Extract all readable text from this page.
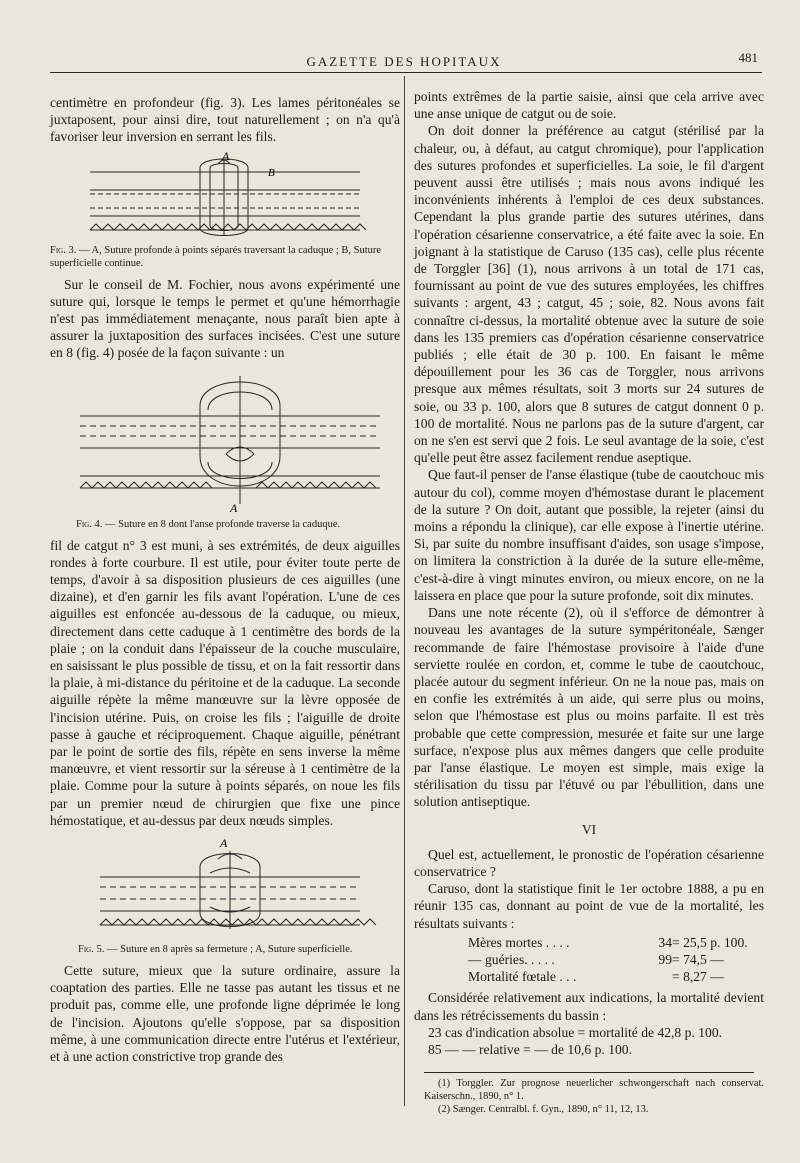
GAZETTE DES HOPITAUX	481

centimètre en profondeur (fig. 3). Les lames péritonéales se juxtaposent, pour ainsi dire, tout naturellement ; on n'a qu'à favoriser leur inversion en serrant les fils.

A
B
Fig. 3. — A, Suture profonde à points séparés traversant la caduque ; B, Suture superficielle continue.

Sur le conseil de M. Fochier, nous avons expérimenté une suture qui, lorsque le temps le permet et qu'une hémorrhagie n'est pas immédiatement menaçante, nous paraît bien apte à assurer la juxtaposition des surfaces incisées. C'est une suture en 8 (fig. 4) posée de la façon suivante : un

A
Fig. 4. — Suture en 8 dont l'anse profonde traverse la caduque.

fil de catgut n° 3 est muni, à ses extrémités, de deux aiguilles rondes à forte courbure. Il est utile, pour éviter toute perte de temps, d'avoir à sa disposition plusieurs de ces aiguilles (une dizaine), et d'en garnir les fils avant l'opération. L'une de ces aiguilles est enfoncée au-dessous de la caduque, ou mieux, directement dans cette caduque à 1 centimètre des bords de la plaie ; on la conduit dans l'épaisseur de la couche musculaire, en saisissant le plus possible de tissu, et on la fait ressortir dans la plaie, à mi-distance du péritoine et de la caduque. La seconde aiguille répète la même manœuvre sur la lèvre opposée de l'incision utérine. Puis, on croise les fils ; l'aiguille de droite passe à gauche et réciproquement. Chaque aiguille, pénétrant par le point de sortie des fils, répète en sens inverse la même manœuvre, et vient ressortir sur la séreuse à 1 centimètre de la plaie. Comme pour la suture à points séparés, on noue les fils par un premier nœud de chirurgien que fixe une pince hémostatique, et au-dessus par deux nœuds simples.

A
Fig. 5. — Suture en 8 après sa fermeture ; A, Suture superficielle.

Cette suture, mieux que la suture ordinaire, assure la coaptation des parties. Elle ne tasse pas autant les tissus et ne produit pas, comme elle, une profonde ligne déprimée le long de l'incision. Ajoutons qu'elle s'oppose, par sa disposition même, à une communication directe entre l'utérus et l'extérieur, et à une action constrictive trop grande des

points extrêmes de la partie saisie, ainsi que cela arrive avec une anse unique de catgut ou de soie.

On doit donner la préférence au catgut (stérilisé par la chaleur, ou, à défaut, au catgut chromique), pour l'application des sutures profondes et superficielles. La soie, le fil d'argent peuvent aussi être utilisés ; mais nous avons indiqué les inconvénients inhérents à l'emploi de ces deux substances. Cependant la plus grande partie des sutures utérines, dans l'opération césarienne conservatrice, a été faite avec la soie. En joignant à la statistique de Caruso (135 cas), celle plus récente de Torggler [36] (1), nous arrivons à un total de 171 cas, fournissant au point de vue des sutures employées, les chiffres suivants : argent, 43 ; catgut, 45 ; soie, 82. Nous avons fait connaître ci-dessus, la mortalité obtenue avec la suture de soie dans les 135 premiers cas d'opération césarienne conservatrice publiés ; elle était de 30 p. 100. En faisant le même dépouillement pour les 36 cas de Torggler, nous arrivons presque aux mêmes résultats, soit 3 morts sur 24 sutures de soie, ou 33 p. 100, alors que 8 sutures de catgut donnent 0 p. 100 de mortalité. Nous ne parlons pas de la suture d'argent, car on ne s'en est servi que 2 fois. Le seul avantage de la soie, c'est qu'elle peut être assez facilement rendue aseptique.

Que faut-il penser de l'anse élastique (tube de caoutchouc mis autour du col), comme moyen d'hémostase durant le placement de la suture ? On doit, autant que possible, la rejeter (ainsi du moins a répondu la clinique), car elle expose à l'inertie utérine. Si, par suite du nombre insuffisant d'aides, son usage s'impose, on limitera la constriction à la durée de la suture elle-même, c'est-à-dire à vingt minutes environ, ou mieux encore, on ne la laissera en place que pour la suture profonde, soit dix minutes.

Dans une note récente (2), où il s'efforce de démontrer à nouveau les avantages de la suture sympéritonéale, Sænger recommande de faire l'hémostase provisoire à l'aide d'une serviette roulée en cordon, et, comme le tube de caoutchouc, placée autour du segment inférieur. On ne la noue pas, mais on en confie les extrémités à un aide, qui serre plus ou moins, selon que l'hémostase est plus ou moins parfaite. Il est très probable que cette compression, mesurée et faite sur une large surface, n'expose plus aux mêmes dangers que celle produite par l'anse élastique. Le moyen est simple, mais exige la stérilisation du tissu par l'étuvé ou par l'ébullition, dans une solution antiseptique.

VI

Quel est, actuellement, le pronostic de l'opération césarienne conservatrice ?

Caruso, dont la statistique finit le 1er octobre 1888, a pu en réunir 135 cas, donnant au point de vue de la mortalité, les résultats suivants :

Mères mortes . . . .	34 = 25,5 p. 100.
— guéries. . . . .	99 = 74,5 —
Mortalité fœtale . . .	= 8,27 —

Considérée relativement aux indications, la mortalité devient dans les rétrécissements du bassin :

23 cas d'indication absolue = mortalité de 42,8 p. 100.

85 — — relative = — de 10,6 p. 100.

(1) Torggler. Zur prognose neuerlicher schwongerschaft nach conservat. Kaiserschn., 1890, n° 1.

(2) Sænger. Centralbl. f. Gyn., 1890, n° 11, 12, 13.
